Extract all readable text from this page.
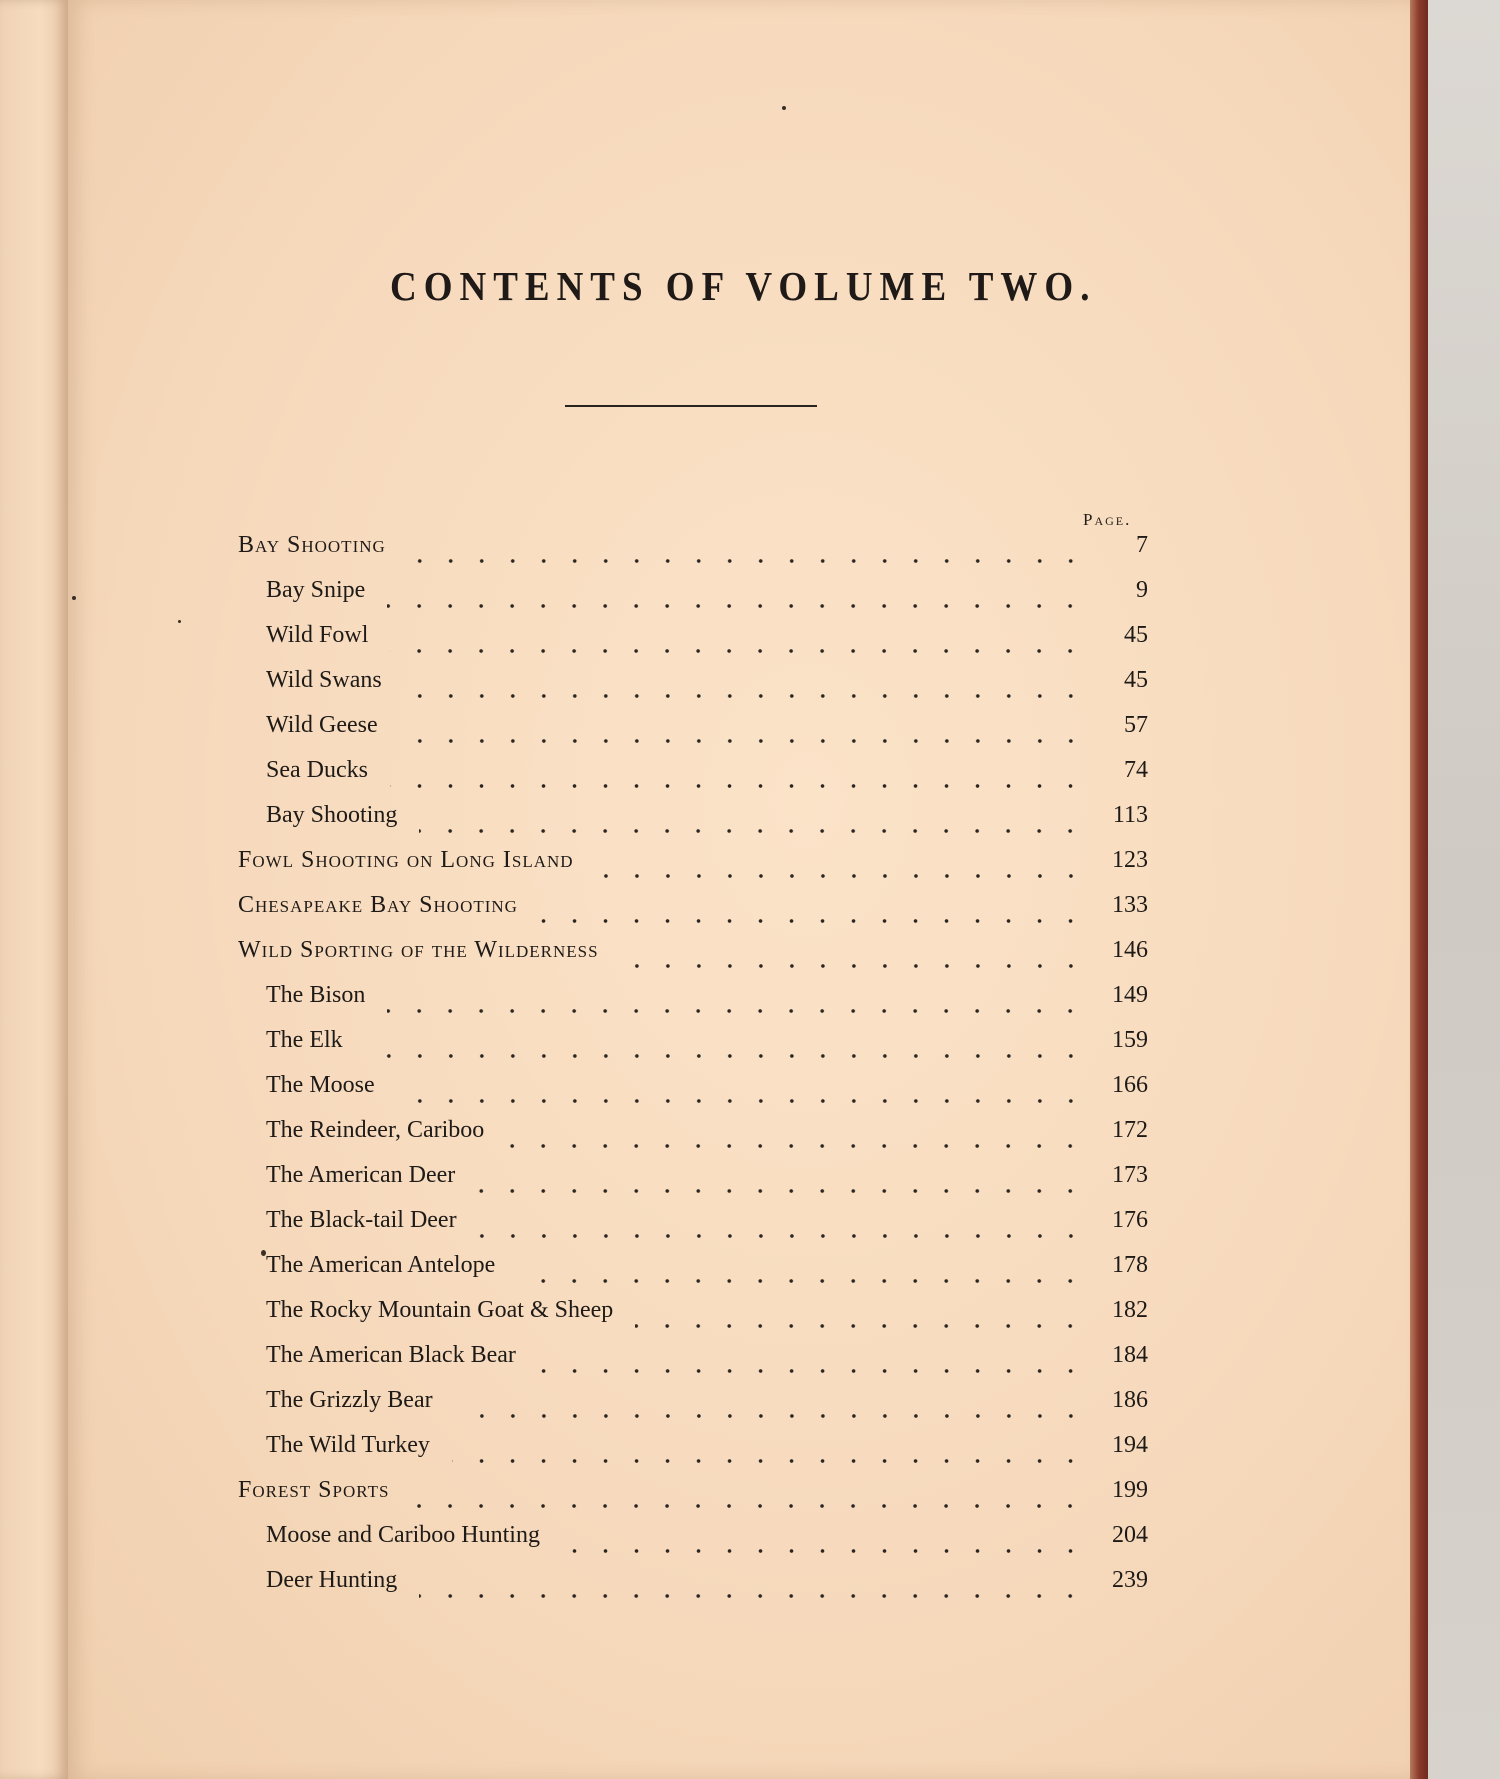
CONTENTS OF VOLUME TWO.
Page.
Bay Shooting	7
Bay Snipe	9
Wild Fowl	45
Wild Swans	45
Wild Geese	57
Sea Ducks	74
Bay Shooting	113
Fowl Shooting on Long Island	123
Chesapeake Bay Shooting	133
Wild Sporting of the Wilderness	146
The Bison	149
The Elk	159
The Moose	166
The Reindeer, Cariboo	172
The American Deer	173
The Black-tail Deer	176
The American Antelope	178
The Rocky Mountain Goat & Sheep	182
The American Black Bear	184
The Grizzly Bear	186
The Wild Turkey	194
Forest Sports	199
Moose and Cariboo Hunting	204
Deer Hunting	239
